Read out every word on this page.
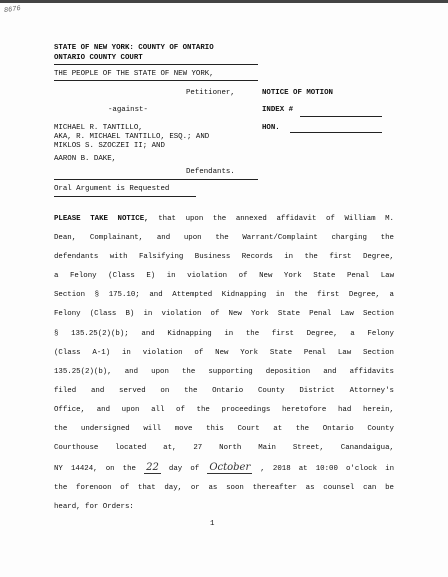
8676
STATE OF NEW YORK: COUNTY OF ONTARIO
ONTARIO COUNTY COURT
THE PEOPLE OF THE STATE OF NEW YORK,
Petitioner,	NOTICE OF MOTION
-against-	INDEX #
MICHAEL R. TANTILLO,
AKA, R. MICHAEL TANTILLO, ESQ.; AND
HON.
MIKLOS S. SZOCZEI II; AND
AARON B. DAKE,
Defendants.
Oral Argument is Requested
PLEASE TAKE NOTICE, that upon the annexed affidavit of William M.
Dean, Complainant, and upon the Warrant/Complaint charging the
defendants with Falsifying Business Records in the first Degree,
a Felony (Class E) in violation of New York State Penal Law
Section § 175.10; and Attempted Kidnapping in the first Degree, a
Felony (Class B) in violation of New York State Penal Law Section
§ 135.25(2)(b); and Kidnapping in the first Degree, a Felony
(Class A-1) in violation of New York State Penal Law Section
135.25(2)(b), and upon the supporting deposition and affidavits
filed and served on the Ontario County District Attorney's
Office, and upon all of the proceedings heretofore had herein,
the undersigned will move this Court at the Ontario County
Courthouse located at, 27 North Main Street, Canandaigua,
NY 14424, on the 22 day of October , 2018 at 10:00 o'clock in
the forenoon of that day, or as soon thereafter as counsel can be
heard, for Orders:
1
